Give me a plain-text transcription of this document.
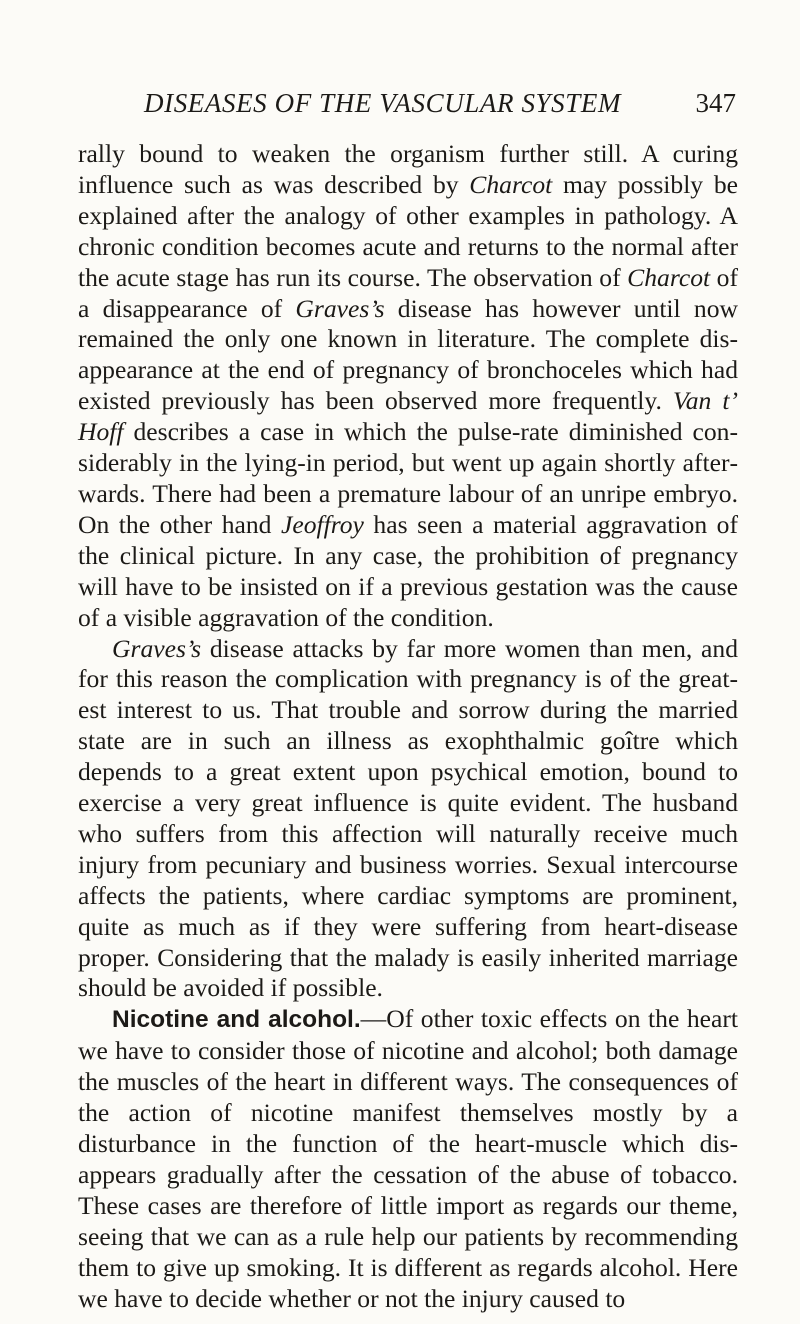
DISEASES OF THE VASCULAR SYSTEM	347

rally bound to weaken the organism further still. A curing influence such as was described by Charcot may possibly be explained after the analogy of other examples in pathology. A chronic condition becomes acute and returns to the normal after the acute stage has run its course. The observation of Charcot of a disappearance of Graves’s disease has however until now remained the only one known in literature. The complete disappearance at the end of pregnancy of bronchoceles which had existed previously has been observed more frequently. Van t’ Hoff describes a case in which the pulse-rate diminished considerably in the lying-in period, but went up again shortly afterwards. There had been a premature labour of an unripe embryo. On the other hand Jeoffroy has seen a material aggravation of the clinical picture. In any case, the prohibition of pregnancy will have to be insisted on if a previous gestation was the cause of a visible aggravation of the condition.

Graves’s disease attacks by far more women than men, and for this reason the complication with pregnancy is of the greatest interest to us. That trouble and sorrow during the married state are in such an illness as exophthalmic goître which depends to a great extent upon psychical emotion, bound to exercise a very great influence is quite evident. The husband who suffers from this affection will naturally receive much injury from pecuniary and business worries. Sexual intercourse affects the patients, where cardiac symptoms are prominent, quite as much as if they were suffering from heart-disease proper. Considering that the malady is easily inherited marriage should be avoided if possible.

Nicotine and alcohol.—Of other toxic effects on the heart we have to consider those of nicotine and alcohol; both damage the muscles of the heart in different ways. The consequences of the action of nicotine manifest themselves mostly by a disturbance in the function of the heart-muscle which disappears gradually after the cessation of the abuse of tobacco. These cases are therefore of little import as regards our theme, seeing that we can as a rule help our patients by recommending them to give up smoking. It is different as regards alcohol. Here we have to decide whether or not the injury caused to
